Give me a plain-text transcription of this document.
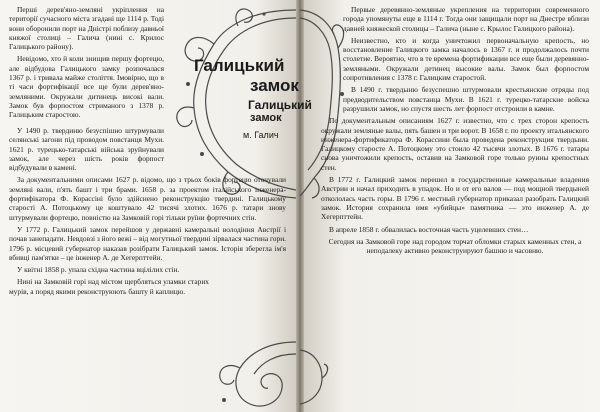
Перші дерев'яно-земляні укріплення на території сучасного міста згадані ще 1114 р. Тоді вони оборонили порт на Дністрі поблизу давньої княжої столиці – Галича (нині с. Крилос Галицького району).

Невідомо, хто й коли знищив першу фортецю, але відбудова Галицького замку розпочалася 1367 р. і тривала майже століття. Імовірно, що в ті часи фортифікації все ще були дерев'яно-земляними. Окружали дитинець високі вали. Замок був форпостом стриманого з 1378 р. Галицьким старостою.

Галицький
замок
Галицький
замок
м. Галич

У 1490 р. твердиню безуспішно штурмували селянські загони під проводом повстанця Мухи. 1621 р. турецько-татарські війська зруйнували замок, але через шість років форпост відбудували в камені.

За документальними описами 1627 р. відомо, що з трьох боків фортецю оточували земляні вали, п'ять башт і три брами. 1658 р. за проектом італійського інженера-фортифікатора Ф. Корассіні було здійснено реконструкцію твердині. Галицькому старості А. Потоцькому це коштувало 42 тисячі злотих. 1676 р. татари знову штурмували фортецю, повністю на Замковій горі тільки руїни фортечних стін.

У 1772 р. Галицький замок перейшов у державні камеральні володіння Австрії і почав занепадати. Невдовзі з його вежі – від могутньої твердині зірвалася частина гори. 1796 р. місцевий губернатор наказав розібрати Галицький замок. Історія зберегла ім'я вбивці пам'ятки – це інженер А. де Хегерпттейн.

У квітні 1858 р. упала східна частина вцілілих стін.

Нині на Замковій горі над містом щербляться уламки старих мурів, а поряд якими реконструюють башту й каплицю.

Первые деревянно-земляные укрепления на территории современного города упомянуты еще в 1114 г. Тогда они защищали порт на Днестре вблизи давней княжеской столицы – Галича (ныне с. Крылос Галицкого района).

Неизвестно, кто и когда уничтожил первоначальную крепость, но восстановление Галицкого замка началось в 1367 г. и продолжалось почти столетие. Вероятно, что в те времена фортификации все еще были деревянно-земляными. Окружали детинец высокие валы. Замок был форпостом сопротивления с 1378 г. Галицким старостой.

В 1490 г. твердыню безуспешно штурмовали крестьянские отряды под предводительством повстанца Мухи. В 1621 г. турецко-татарские войска разрушили замок, но спустя шесть лет форпост отстроили в камне.

По документальным описаниям 1627 г. известно, что с трех сторон крепость окружали земляные валы, пять башен и три ворот. В 1658 г. по проекту итальянского инженера-фортификатора Ф. Корассини была проведена реконструкция твердыни. Галицкому старосте А. Потоцкому это стоило 42 тысячи злотых. В 1676 г. татары снова уничтожили крепость, оставив на Замковой горе только руины крепостных стен.

В 1772 г. Галицкий замок перешел в государственные камеральные владения Австрии и начал приходить в упадок. Но и от его валов — под мощной твердыней откололась часть горы. В 1796 г. местный губернатор приказал разобрать Галицкий замок. История сохранила имя «убийцы» памятника — это инженер А. де Хегерпттейн.

В апреле 1858 г. обвалилась восточная часть уцелевших стен…

Сегодня на Замковой горе над городом торчат обломки старых каменных стен, а неподалеку активно реконструируют башню и часовню.
